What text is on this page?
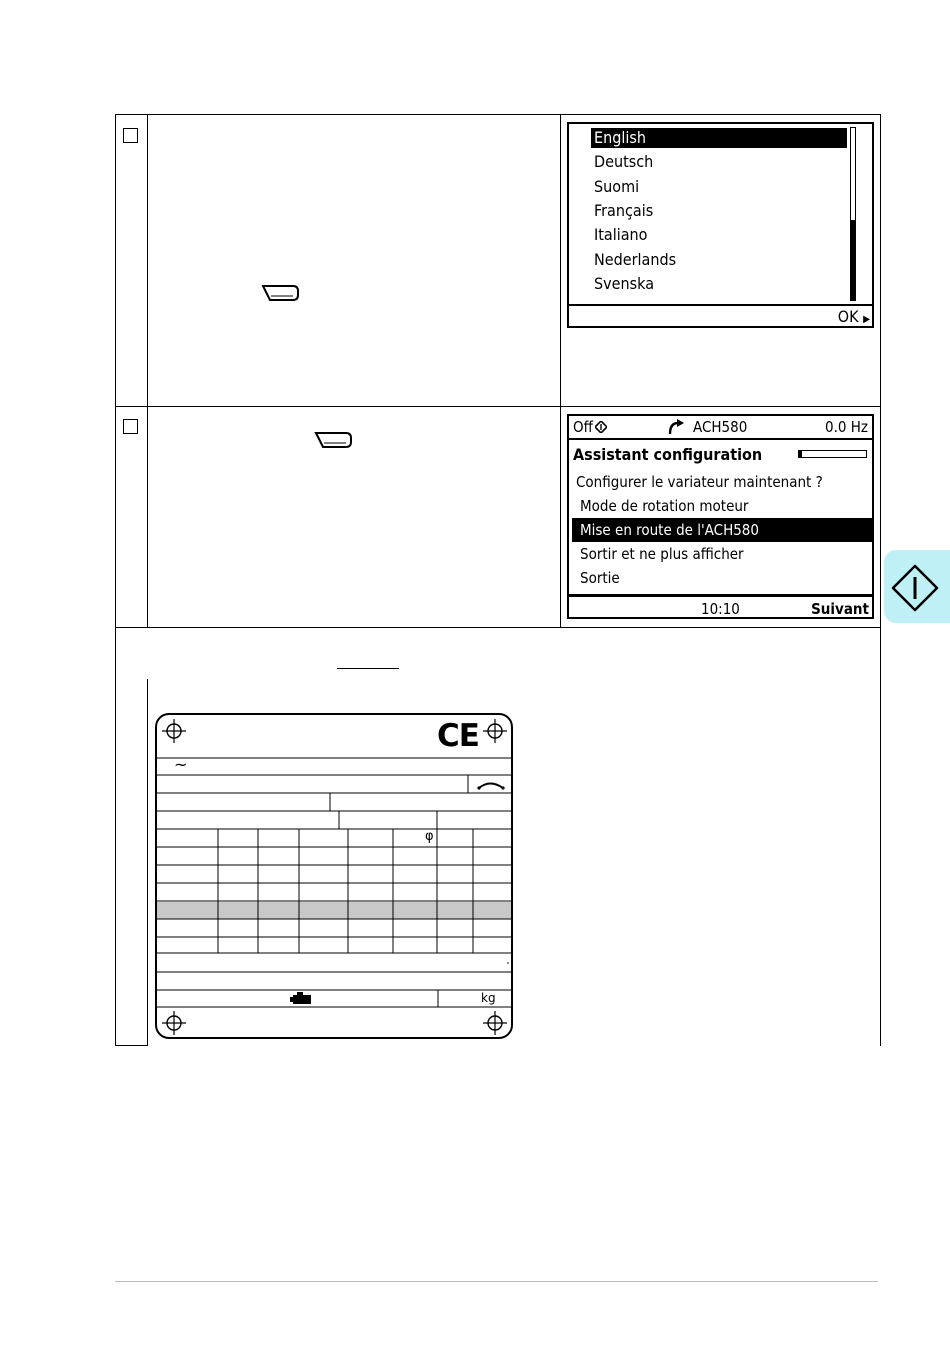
English
Deutsch
Suomi
Français
Italiano
Nederlands
Svenska
OK ▶
Off	ACH580	0.0 Hz
Assistant configuration
Configurer le variateur maintenant ?
Mode de rotation moteur
Mise en route de l'ACH580
Sortir et ne plus afficher
Sortie
10:10	Suivant
CE
~
φ
kg
